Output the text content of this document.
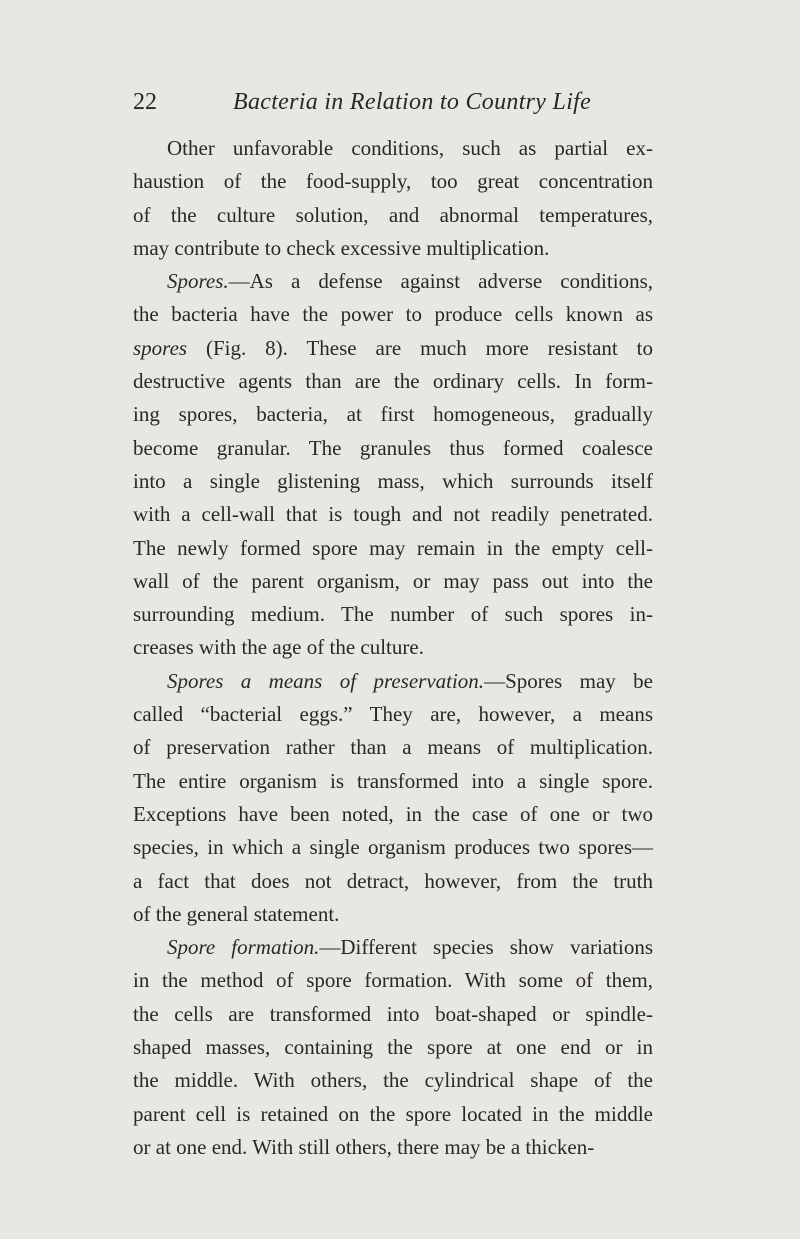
22	Bacteria in Relation to Country Life
Other unfavorable conditions, such as partial ex-
haustion of the food-supply, too great concentration
of the culture solution, and abnormal temperatures,
may contribute to check excessive multiplication.
Spores.—As a defense against adverse conditions,
the bacteria have the power to produce cells known as
spores (Fig. 8). These are much more resistant to
destructive agents than are the ordinary cells. In form-
ing spores, bacteria, at first homogeneous, gradually
become granular. The granules thus formed coalesce
into a single glistening mass, which surrounds itself
with a cell-wall that is tough and not readily penetrated.
The newly formed spore may remain in the empty cell-
wall of the parent organism, or may pass out into the
surrounding medium. The number of such spores in-
creases with the age of the culture.
Spores a means of preservation.—Spores may be
called “bacterial eggs.” They are, however, a means
of preservation rather than a means of multiplication.
The entire organism is transformed into a single spore.
Exceptions have been noted, in the case of one or two
species, in which a single organism produces two spores—
a fact that does not detract, however, from the truth
of the general statement.
Spore formation.—Different species show variations
in the method of spore formation. With some of them,
the cells are transformed into boat-shaped or spindle-
shaped masses, containing the spore at one end or in
the middle. With others, the cylindrical shape of the
parent cell is retained on the spore located in the middle
or at one end. With still others, there may be a thicken-
